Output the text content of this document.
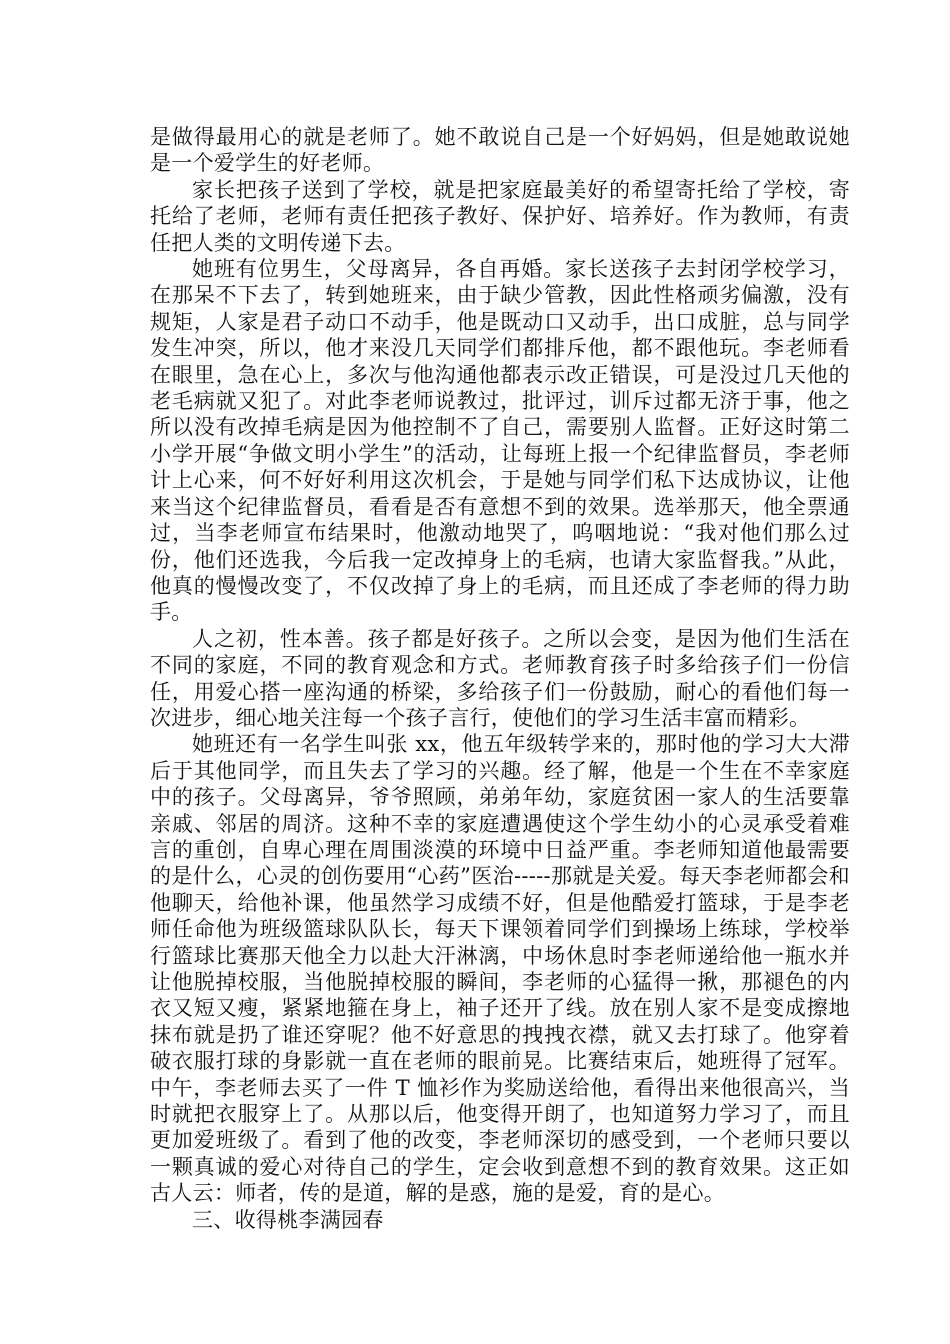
是做得最用心的就是老师了。她不敢说自己是一个好妈妈，但是她敢说她是一个爱学生的好老师。

家长把孩子送到了学校，就是把家庭最美好的希望寄托给了学校，寄托给了老师，老师有责任把孩子教好、保护好、培养好。作为教师，有责任把人类的文明传递下去。

她班有位男生，父母离异，各自再婚。家长送孩子去封闭学校学习，在那呆不下去了，转到她班来，由于缺少管教，因此性格顽劣偏激，没有规矩，人家是君子动口不动手，他是既动口又动手，出口成脏，总与同学发生冲突，所以，他才来没几天同学们都排斥他，都不跟他玩。李老师看在眼里，急在心上，多次与他沟通他都表示改正错误，可是没过几天他的老毛病就又犯了。对此李老师说教过，批评过，训斥过都无济于事，他之所以没有改掉毛病是因为他控制不了自己，需要别人监督。正好这时第二小学开展“争做文明小学生”的活动，让每班上报一个纪律监督员，李老师计上心来，何不好好利用这次机会，于是她与同学们私下达成协议，让他来当这个纪律监督员，看看是否有意想不到的效果。选举那天，他全票通过，当李老师宣布结果时，他激动地哭了，呜咽地说：“我对他们那么过份，他们还选我，今后我一定改掉身上的毛病，也请大家监督我。”从此，他真的慢慢改变了，不仅改掉了身上的毛病，而且还成了李老师的得力助手。

人之初，性本善。孩子都是好孩子。之所以会变，是因为他们生活在不同的家庭，不同的教育观念和方式。老师教育孩子时多给孩子们一份信任，用爱心搭一座沟通的桥梁，多给孩子们一份鼓励，耐心的看他们每一次进步，细心地关注每一个孩子言行，使他们的学习生活丰富而精彩。

她班还有一名学生叫张 xx，他五年级转学来的，那时他的学习大大滞后于其他同学，而且失去了学习的兴趣。经了解，他是一个生在不幸家庭中的孩子。父母离异，爷爷照顾，弟弟年幼，家庭贫困一家人的生活要靠亲戚、邻居的周济。这种不幸的家庭遭遇使这个学生幼小的心灵承受着难言的重创，自卑心理在周围淡漠的环境中日益严重。李老师知道他最需要的是什么，心灵的创伤要用“心药”医治-----那就是关爱。每天李老师都会和他聊天，给他补课，他虽然学习成绩不好，但是他酷爱打篮球，于是李老师任命他为班级篮球队队长，每天下课领着同学们到操场上练球，学校举行篮球比赛那天他全力以赴大汗淋漓，中场休息时李老师递给他一瓶水并让他脱掉校服，当他脱掉校服的瞬间，李老师的心猛得一揪，那褪色的内衣又短又瘦，紧紧地箍在身上，袖子还开了线。放在别人家不是变成擦地抹布就是扔了谁还穿呢？他不好意思的拽拽衣襟，就又去打球了。他穿着破衣服打球的身影就一直在老师的眼前晃。比赛结束后，她班得了冠军。中午，李老师去买了一件 T 恤衫作为奖励送给他，看得出来他很高兴，当时就把衣服穿上了。从那以后，他变得开朗了，也知道努力学习了，而且更加爱班级了。看到了他的改变，李老师深切的感受到，一个老师只要以一颗真诚的爱心对待自己的学生，定会收到意想不到的教育效果。这正如古人云：师者，传的是道，解的是惑，施的是爱，育的是心。

三、收得桃李满园春
